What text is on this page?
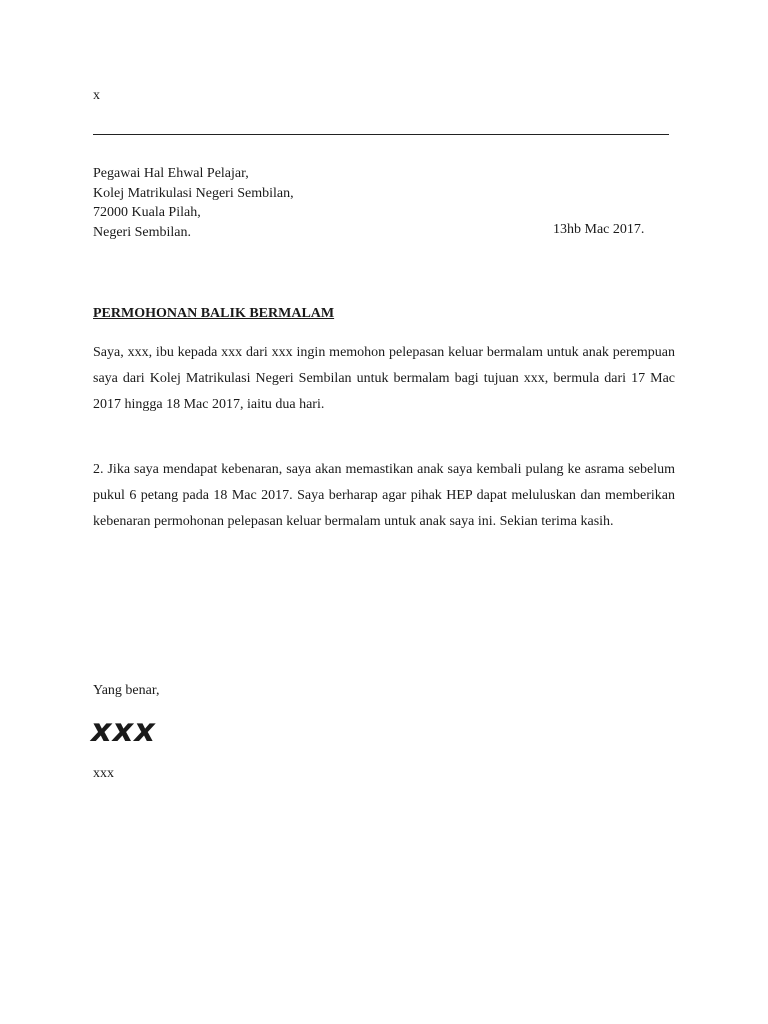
x
Pegawai Hal Ehwal Pelajar,
Kolej Matrikulasi Negeri Sembilan,
72000 Kuala Pilah,
Negeri Sembilan.	13hb Mac 2017.
PERMOHONAN BALIK BERMALAM
Saya, xxx, ibu kepada xxx dari xxx ingin memohon pelepasan keluar bermalam untuk anak perempuan saya dari Kolej Matrikulasi Negeri Sembilan untuk bermalam bagi tujuan xxx, bermula dari 17 Mac 2017 hingga 18 Mac 2017, iaitu dua hari.
2. Jika saya mendapat kebenaran, saya akan memastikan anak saya kembali pulang ke asrama sebelum pukul 6 petang pada 18 Mac 2017. Saya berharap agar pihak HEP dapat meluluskan dan memberikan kebenaran permohonan pelepasan keluar bermalam untuk anak saya ini. Sekian terima kasih.
Yang benar,
xxx
xxx
